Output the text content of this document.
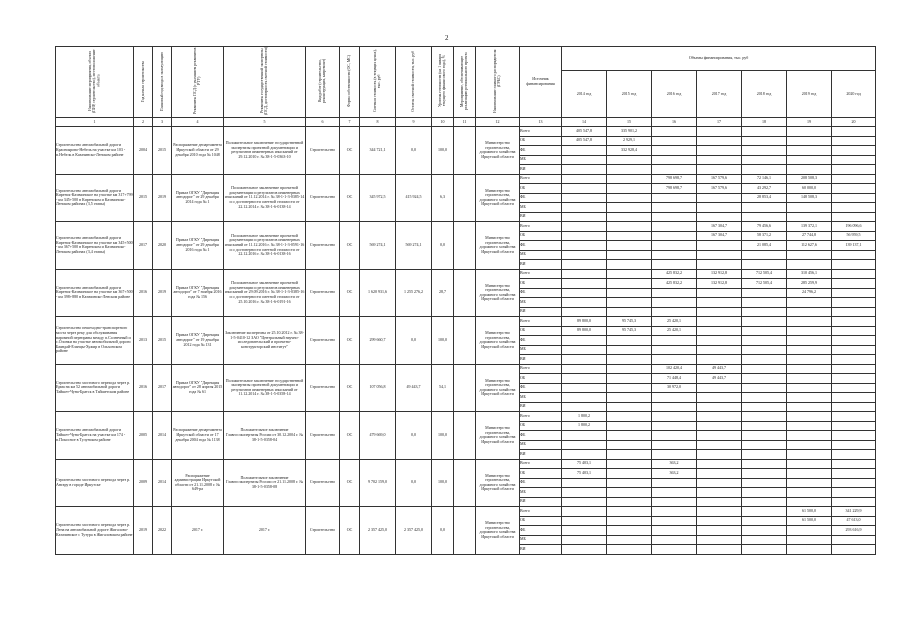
2
Наименование мероприятия, объекта (ПИР, строительство), местоположение объекта	Год начала строительства	Плановый год ввода в эксплуатацию	Реквизиты ПСД (с указанием реквизитов РТУ)	Реквизиты государственной экспертизы (ПСД, достоверность сметной стоимости)	Вид работ (строительство, реконструкция, капремонт)	Форма собственности (ОС, МС)	Сметная стоимость (в текущих ценах), тыс. руб	Остаток сметной стоимости, тыс. руб	Уровень готовности (на 1 января текущего финансового года), %	Мероприятие, обеспечивающее реализацию регионального проекта	Наименование главного распорядителя (ГРБС)	Источник финансирования	Объемы финансирования, тыс. руб						
													2014 год	2015 год	2016 год	2017 год	2018 год	2019 год	2020 год
1	2	3	4	5	6	7	8	9	10	11	12	13	14	15	16	17	18	19	20
Строительство автомобильной дороги Красноярово-Небель на участке км 103 - п.Небель в Казачинско-Ленском районе	2004	2015	Распоряжение департамента Иркутской области от 29 декабря 2010 года № 1048	Положительное заключение государственной экспертизы проектной документации и результатов инженерных изысканий от 29.12.2010 г. № 38-1-5-0363-10	Строительство	ОС	344 721,1	0,0	100,0		Министерство строительства, дорожного хозяйства Иркутской области	Всего	405 547,8	335 901,2					
												ОБ	405 547,8	2 929,1					
												ФБ		332 928,4					
												МБ							
												ВИ							
Строительство автомобильной дороги Киренск-Казачинское на участке км 317+799 - км 345+500 в Киренском и Казачинско-Ленском районах (3,5 этапы)	2015	2019	Приказ ОГКУ "Дирекция автодорог" от 29 декабря 2014 года № 1	Положительное заключение проектной документации и результатов инженерных изысканий от 11.12.2014 г. № 38-1-1-3-0385-14 и о достоверности сметной стоимости от 22.12.2014 г. № 38-1-6-0138-14	Строительство	ОС	345 972,5	415 924,5	6,3		Министерство строительства, дорожного хозяйства Иркутской области	Всего			798 698,7	167 579,6	72 146,1	208 508,3	
												ОБ			798 698,7	167 579,6	43 292,7	60 000,0	
												ФБ					28 853,4	148 508,3	
												МБ							
												ВИ							
Строительство автомобильной дороги Киренск-Казачинское на участке км 345+500 - км 367+500 в Киренском и Казачинско-Ленском районах (3,4 этапы)	2017	2020	Приказ ОГКУ "Дирекция автодорог" от 29 декабря 2016 года № 1	Положительное заключение проектной документации и результатов инженерных изысканий от 11.12.2016 г. № 38-1-1-3-0591-16 и о достоверности сметной стоимости от 22.12.2016 г. № 38-1-6-0138-16	Строительство	ОС	569 274,1	569 274,1	0,0		Министерство строительства, дорожного хозяйства Иркутской области	Всего				167 304,7	79 456,6	139 372,1	196 096,6
												ОБ				167 304,7	58 371,2	27 744,8	56 959,5
												ФБ					21 085,4	112 627,6	139 137,1
												МБ							
												ВИ							
Строительство автомобильной дороги Киренск-Казачинское на участке км 367+500 - км 398+880 в Казачинско-Ленском районе	2016	2019	Приказ ОГКУ "Дирекция автодорог" от 7 ноября 2016 года № 156	Положительное заключение проектной документации и результатов инженерных изысканий от 29.09.2016 г. № 38-1-1-3-0385-16 и о достоверности сметной стоимости от 25.10.2016 г. № 38-1-6-0191-16	Строительство	ОС	1 620 931,6	1 255 276,2	28,7		Министерство строительства, дорожного хозяйства Иркутской области	Всего			425 832,2	132 912,8	712 505,4	310 456,1	
												ОБ			425 832,2	132 912,8	712 505,4	285 259,9	
												ФБ						24 796,2	
												МБ							
												ВИ							
Строительство пешеходно-транспортного моста через реку для обслуживания паромной переправы между п.Солнечный и с.Олонки на участке автомобильной дороги Баяндай-Еланцы-Хужир в Ольхонском районе	2013	2015	Приказ ОГКУ "Дирекция автодорог" от 19 декабря 2012 года № 131	Заключение экспертизы от 25.10.2012 г. № 38-1-5-0410-12 ЗАО "Центральный научно-исследовательский и проектно-конструкторский институт"	Строительство	ОС	299 660,7	0,0	100,0		Министерство строительства, дорожного хозяйства Иркутской области	Всего	89 800,0	95 745,3	25 420,1				
												ОБ	89 800,0	95 745,3	25 420,1				
												ФБ							
												МБ							
												ВИ							
Строительство мостового перехода через р. Ерма на км 52 автомобильной дороги Тайшет-Чуна-Братск в Тайшетском районе	2016	2017	Приказ ОГКУ "Дирекция автодорог" от 28 апреля 2015 года № 61	Положительное заключение государственной экспертизы проектной документации и результатов инженерных изысканий от 11.12.2014 г. № 38-1-5-0358-14	Строительство	ОС	107 056,8	49 443,7	54,1		Министерство строительства, дорожного хозяйства Иркутской области	Всего			102 420,4	49 443,7			
												ОБ			71 448,4	49 443,7			
												ФБ			30 972,0				
												МБ							
												ВИ							
Строительство автомобильной дороги Тайшет-Чуна-Братск на участке км 174 - п.Покосное в Тулунском районе	2005	2014	Распоряжение департамента Иркутской области от 17 декабря 2004 года № 1138	Положительное заключение Главгосэкспертизы России от 30.12.2004 г. № 38-1-5-0358-04	Строительство	ОС	479 669,0	0,0	100,0		Министерство строительства, дорожного хозяйства Иркутской области	Всего	1 800,2						
												ОБ	1 800,2						
												ФБ							
												МБ							
												ВИ							
Строительство мостового перехода через р. Ангару в городе Иркутске	2009	2014	Распоряжение администрации Иркутской области от 21.11.2008 г. № 649-ра	Положительное заключение Главгосэкспертизы России от 21.11.2008 г. № 38-1-5-0358-08	Строительство	ОС	9 702 159,0	0,0	100,0		Министерство строительства, дорожного хозяйства Иркутской области	Всего	75 403,1		363,2				
												ОБ	75 403,1		363,2				
												ФБ							
												МБ							
												ВИ							
Строительство мостового перехода через р. Лена на автомобильной дороге Жигалово-Казачинское с Тутура в Жигаловском районе	2019	2022	2017 г.	2017 г.	Строительство	ОС	2 357 425,0	2 357 425,0	0,0		Министерство строительства, дорожного хозяйства Иркутской области	Всего						61 500,0	341 229,9
												ОБ						61 500,0	47 613,0
												ФБ							293 616,9
												МБ							
												ВИ							
